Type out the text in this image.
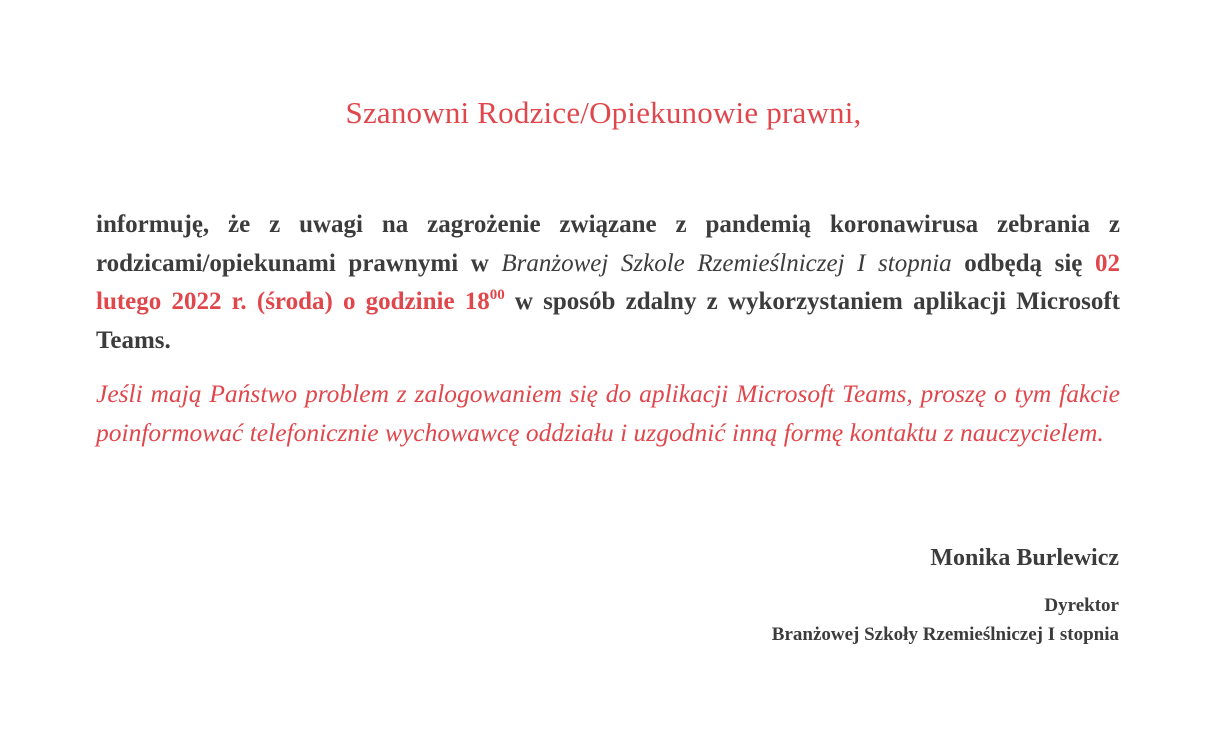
Szanowni Rodzice/Opiekunowie prawni,
informuję, że z uwagi na zagrożenie związane z pandemią koronawirusa zebrania z rodzicami/opiekunami prawnymi w Branżowej Szkole Rzemieślniczej I stopnia odbędą się 02 lutego 2022 r. (środa) o godzinie $18^{00}$ w sposób zdalny z wykorzystaniem aplikacji Microsoft Teams.
Jeśli mają Państwo problem z zalogowaniem się do aplikacji Microsoft Teams, proszę o tym fakcie poinformować telefonicznie wychowawcę oddziału i uzgodnić inną formę kontaktu z nauczycielem.
Monika Burlewicz
Dyrektor
Branżowej Szkoły Rzemieślniczej I stopnia
